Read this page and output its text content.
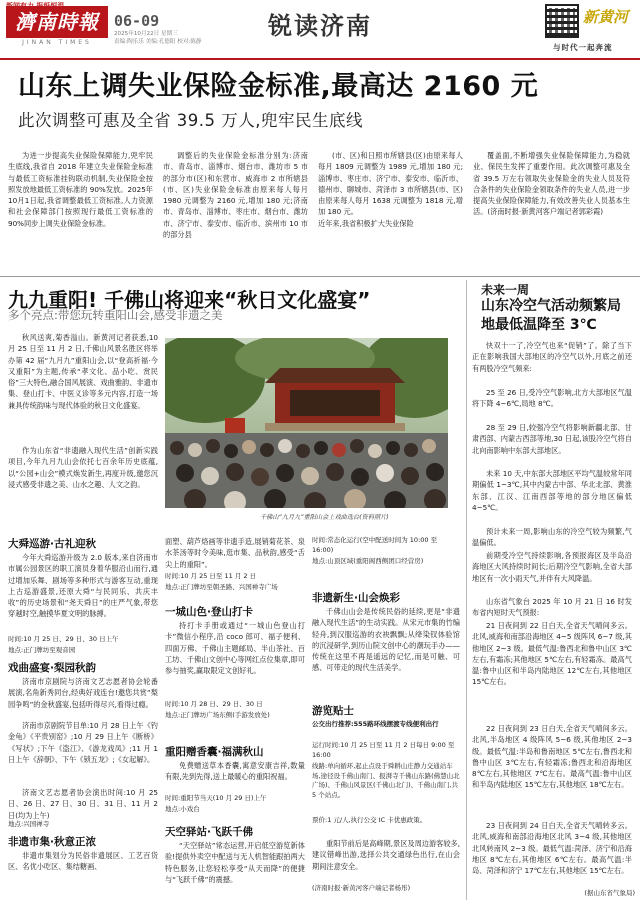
濟南時報
JINAN TIMES
06-09
2025年10月22日 星期三
责编:陶乐乐 美编:孔德阳 校对:陈静
锐读济南	新黄河
与时代一起奔流
山东上调失业保险金标准,最高达 2160 元
此次调整可惠及全省 39.5 万人,兜牢民生底线
为进一步提高失业保险保障能力,兜牢民生底线,我省自 2018 年建立失业保险金标准与最低工资标准挂钩联动机制,失业保险金按照发放地最低工资标准的 90%发放。2025年10月1日起,我省调整最低工资标准,人力资源和社会保障部门按照现行最低工资标准的 90%同步上调失业保险金标准。
调整后的失业保险金标准分别为:济南市、青岛市、淄博市、烟台市、潍坊市 5 市的部分市(区)和东营市、威海市 2 市所辖县(市、区)失业保险金标准由原来每人每月 1980 元调整为 2160 元,增加 180 元;济南市、青岛市、淄博市、枣庄市、烟台市、潍坊市、济宁市、泰安市、临沂市、滨州市 10 市的部分县
(市、区)和日照市所辖县(区)由原来每人每月 1809 元调整为 1989 元,增加 180 元;淄博市、枣庄市、济宁市、泰安市、临沂市、德州市、聊城市、菏泽市 3 市所辖县(市、区)由原来每人每月 1638 元调整为 1818 元,增加 180 元。
近年来,我省积极扩大失业保险
覆盖面,不断增强失业保险保障能力,为稳就业、保民生发挥了重要作用。此次调整可惠及全省 39.5 万左右领取失业保险金的失业人员及符合条件的失业保险金领取条件的失业人员,进一步提高失业保险保障能力,有效改善失业人员基本生活。(济南时报·新黄河客户端记者郭彩霞)
九九重阳! 千佛山将迎来“秋日文化盛宴”
多个亮点:带您玩转重阳山会,感受非遗之美
秋风送爽,菊香溢山。新黄河记者获悉,10 月 25 日至 11 月 2 日,千佛山风景名胜区将举办第 42 届“九月九”重阳山会,以“登高祈福·今又重阳”为主题,传承“孝文化、品小吃、赏民俗”三大特色,融合国风展演、戏曲雅韵、非遗市集、登山打卡、中医义诊等多元内容,打造一场兼具传统韵味与现代体验的秋日文化盛宴。
作为山东省“非遗融入现代生活”创新实践项目,今年九月九山会依托七百余年历史底蕴,以“公园+山会”模式焕发新生,再度升级,邀您沉浸式感受非遗之美、山水之趣、人文之韵。
千佛山“九月九”重阳山会上戏曲选台(资料照片)
大舜巡游·古礼迎秋
今年大舜巡游升级为 2.0 版本,来自济南市市属公园景区的职工演员身着华服沿山而行,通过增加乐舞、剧场等多种形式与游客互动,重现上古巡游盛景,还原大舜“与民同乐、共庆丰收”的历史场景和“尧天舜日”的庄严气象,带您穿越时空,触摸华夏文明的脉搏。
时间:10 月 25 日、29 日、30 日上午
地点:正门牌坊至观音园
戏曲盛宴·梨园秋韵
济南市京剧院与济南文艺志愿者协会轮番展演,名角新秀同台,经典好戏连台!邀您共赏“梨园争鸣”的金秋盛宴,包括听得尽兴,看得过瘾。
济南市京剧院节目单:10 月 28 日上午《钓金龟》《平贵别窑》;10 月 29 日上午《断桥》《写状》;下午《盗江》、《游龙戏凤》;11 月 1 日上午《辞朝》、下午《锁五龙》;《女起解》。
济南文艺志愿者协会演出时间:10 月 25 日、26 日、27 日、30 日、31 日、11 月 2 日(均为上午)
地点:兴国禅寺
非遗市集·秋意正浓
非遗市集划分为民俗非遗展区、工艺百货区、名优小吃区、集结糖画、
面塑、葫芦烙画等非遗手造,展销菊花茶、泉水茶汤等时令美味,逛市集、品秋韵,感受“舌尖上的重阳”。
时间:10 月 25 日至 11 月 2 日
地点:正门牌坊至朝圣路、兴国禅寺广场
一城山色·登山打卡
持打卡手册或通过“一城山色登山打卡”微信小程序,沿 coco 郎可、福子便利、四面万佛、千佛山主题邮局、半山茶社、百工坊、千佛山文创中心等网红点位集章,即可参与抽奖,赢取限定文创好礼。
时间:10 月 28 日、29 日、30 日
地点:正门牌坊广场东侧(手游发放处)
重阳赠香囊·福满秋山
免费赠送草本香囊,寓意安康吉祥,数量有限,先到先得,送上最暖心的重阳祝福。
时间:重阳节当天(10 月 29 日)上午
地点:小戏台
天空驿站·飞跃千佛
“天空驿站”常态运营,开启低空游览新体验!提供外卖空中配送与无人机智能跟拍两大特色服务,让您轻松享受“从天而降”的便捷与“飞跃千佛”的震撼。
时间:常态化运行(空中配送时间为 10:00 至 16:00)
地点:山顶区域(重阳阁西侧团口经营房)
非遗新生·山会焕彩
千佛山山会是传统民俗的延续,更是“非遗融入现代生活”的生动实践。从宋元市集的竹编轻舟,到汉服巡游的衣袂飘飘;从绛染钗体验馆的沉浸研学,到历山院文创中心的潮玩手办——传统在这里不再是遥远的记忆,而是可触、可感、可带走的现代生活美学。
游览贴士
公交出行推荐:555路环线摆渡专线便利出行
运行时间:10 月 25 日至 11 月 2 日每日 9:00 至 16:00
线路:单向循环,起止点设于舜耕山庄静力交通站车场,途径设千佛山南门、报湃寺千佛山东路(佛慧山北广场)、千佛山风景区(千佛山北门)、千佛山南门,共 5 个站点。
票价:1 元/人,执行公交 IC 卡优惠政策。
重阳节前后是高峰期,景区及周边游客较多,建议错峰出游,选择公共交通绿色出行,在山会期间注意安全。
(济南时报·新黄河客户端记者杨彤)
未来一周
山东冷空气活动频繁局地最低温降至 3℃
快双十一了,冷空气也来“促销”了。除了当下正在影响我国大部地区的冷空气以外,月底之前还有两股冷空气频来:
25 至 26 日,受冷空气影响,北方大部地区气温将下降 4~6℃,局地 8℃。
28 至 29 日,较强冷空气将影响新疆北部、甘肃西部、内蒙古西部等地,30 日起,该股冷空气将自北向南影响中东部大部地区。
未来 10 天,中东部大部地区平均气温较常年同期偏低 1~3℃,其中内蒙古中部、华北北部、黄淮东部、江汉、江南西部等地的部分地区偏低 4~5℃。
预计未来一周,影响山东的冷空气较为频繁,气温偏低。
前期受冷空气持续影响,各预报海区及半岛沿海地区大风持续时间长;后期冷空气影响,全省大部地区有一次小雨天气,并伴有大风降温。
山东省气象台 2025 年 10 月 21 日 16 时发布省内短时天气预报:
21 日夜间到 22 日白天,全省天气晴间多云。北风,威海和南部沿海地区 4~5 级阵风 6~7 级,其他地区 2~3 级。最低气温:鲁西北和鲁中山区 3℃左右,有霜冻;其他地区 5℃左右,有轻霜冻。最高气温:鲁中山区和半岛内陆地区 12℃左右,其他地区 15℃左右。
22 日夜间到 23 日白天,全省天气晴间多云。北风,半岛地区 4 级阵风 5~6 级,其他地区 2~3 级。最低气温:半岛和鲁南地区 5℃左右,鲁西北和鲁中山区 3℃左右,有轻霜冻;鲁西北和沿海地区 8℃左右,其他地区 7℃左右。最高气温:鲁中山区和半岛内陆地区 15℃左右,其他地区 18℃左右。
23 日夜间到 24 日白天,全省天气晴转多云。北风,威海和南部沿海地区北风 3~4 级,其他地区北风转南风 2~3 级。最低气温:菏泽、济宁和沿海地区 8℃左右,其他地区 6℃左右。最高气温:半岛、菏泽和济宁 17℃左右,其他地区 15℃左右。
(据山东省气象局)
